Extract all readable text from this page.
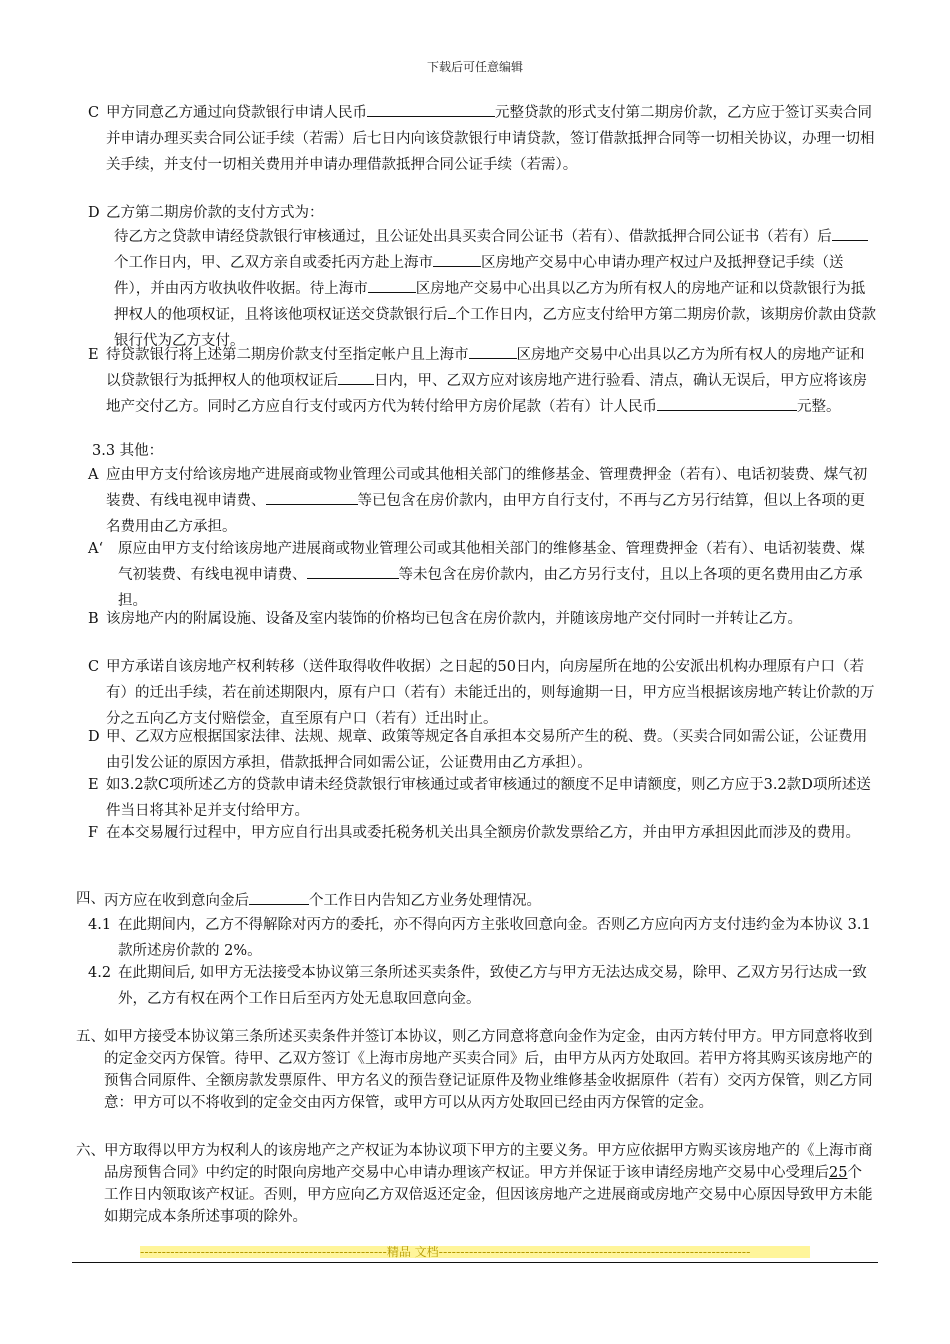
下载后可任意编辑
C 甲方同意乙方通过向贷款银行申请人民币	元整贷款的形式支付第二期房价款，乙方应于签订买卖合同并申请办理买卖合同公证手续（若需）后七日内向该贷款银行申请贷款，签订借款抵押合同等一切相关协议，办理一切相关手续，并支付一切相关费用并申请办理借款抵押合同公证手续（若需）。
D 乙方第二期房价款的支付方式为：
待乙方之贷款申请经贷款银行审核通过，且公证处出具买卖合同公证书（若有）、借款抵押合同公证书（若有）后个工作日内，甲、乙双方亲自或委托丙方赴上海市	区房地产交易中心申请办理产权过户及抵押登记手续（送件），并由丙方收执收件收据。待上海市	区房地产交易中心出具以乙方为所有权人的房地产证和以贷款银行为抵押权人的他项权证，且将该他项权证送交贷款银行后 个工作日内，乙方应支付给甲方第二期房价款，该期房价款由贷款银行代为乙方支付。
E 待贷款银行将上述第二期房价款支付至指定帐户且上海市	区房地产交易中心出具以乙方为所有权人的房地产证和以贷款银行为抵押权人的他项权证后 日内，甲、乙双方应对该房地产进行验看、清点，确认无误后，甲方应将该房地产交付乙方。同时乙方应自行支付或丙方代为转付给甲方房价尾款（若有）计人民币	元整。
3.3 其他：
A 应由甲方支付给该房地产进展商或物业管理公司或其他相关部门的维修基金、管理费押金（若有）、电话初装费、煤气初装费、有线电视申请费、	等已包含在房价款内，由甲方自行支付，不再与乙方另行结算，但以上各项的更名费用由乙方承担。
A‘ 原应由甲方支付给该房地产进展商或物业管理公司或其他相关部门的维修基金、管理费押金（若有）、电话初装费、煤气初装费、有线电视申请费、	等未包含在房价款内，由乙方另行支付，且以上各项的更名费用由乙方承担。
B 该房地产内的附属设施、设备及室内装饰的价格均已包含在房价款内，并随该房地产交付同时一并转让乙方。
C 甲方承诺自该房地产权利转移（送件取得收件收据）之日起的50日内，向房屋所在地的公安派出机构办理原有户口（若有）的迁出手续，若在前述期限内，原有户口（若有）未能迁出的，则每逾期一日，甲方应当根据该房地产转让价款的万分之五向乙方支付赔偿金，直至原有户口（若有）迁出时止。
D 甲、乙双方应根据国家法律、法规、规章、政策等规定各自承担本交易所产生的税、费。（买卖合同如需公证，公证费用由引发公证的原因方承担，借款抵押合同如需公证，公证费用由乙方承担）。
E 如3.2款C项所述乙方的贷款申请未经贷款银行审核通过或者审核通过的额度不足申请额度，则乙方应于3.2款D项所述送件当日将其补足并支付给甲方。
F 在本交易履行过程中，甲方应自行出具或委托税务机关出具全额房价款发票给乙方，并由甲方承担因此而涉及的费用。
四、 丙方应在收到意向金后	个工作日内告知乙方业务处理情况。
4.1 在此期间内，乙方不得解除对丙方的委托，亦不得向丙方主张收回意向金。否则乙方应向丙方支付违约金为本协议 3.1 款所述房价款的 2%。
4.2 在此期间后, 如甲方无法接受本协议第三条所述买卖条件，致使乙方与甲方无法达成交易，除甲、乙双方另行达成一致外，乙方有权在两个工作日后至丙方处无息取回意向金。
五、 如甲方接受本协议第三条所述买卖条件并签订本协议，则乙方同意将意向金作为定金，由丙方转付甲方。甲方同意将收到的定金交丙方保管。待甲、乙双方签订《上海市房地产买卖合同》后，由甲方从丙方处取回。若甲方将其购买该房地产的预售合同原件、全额房款发票原件、甲方名义的预告登记证原件及物业维修基金收据原件（若有）交丙方保管，则乙方同意：甲方可以不将收到的定金交由丙方保管，或甲方可以从丙方处取回已经由丙方保管的定金。
六、 甲方取得以甲方为权利人的该房地产之产权证为本协议项下甲方的主要义务。甲方应依据甲方购买该房地产的《上海市商品房预售合同》中约定的时限向房地产交易中心申请办理该产权证。甲方并保证于该申请经房地产交易中心受理后25个工作日内领取该产权证。否则，甲方应向乙方双倍返还定金，但因该房地产之进展商或房地产交易中心原因导致甲方未能如期完成本条所述事项的除外。
---------------------------------------------------------精品 文档------------------------------------------------------------------------
